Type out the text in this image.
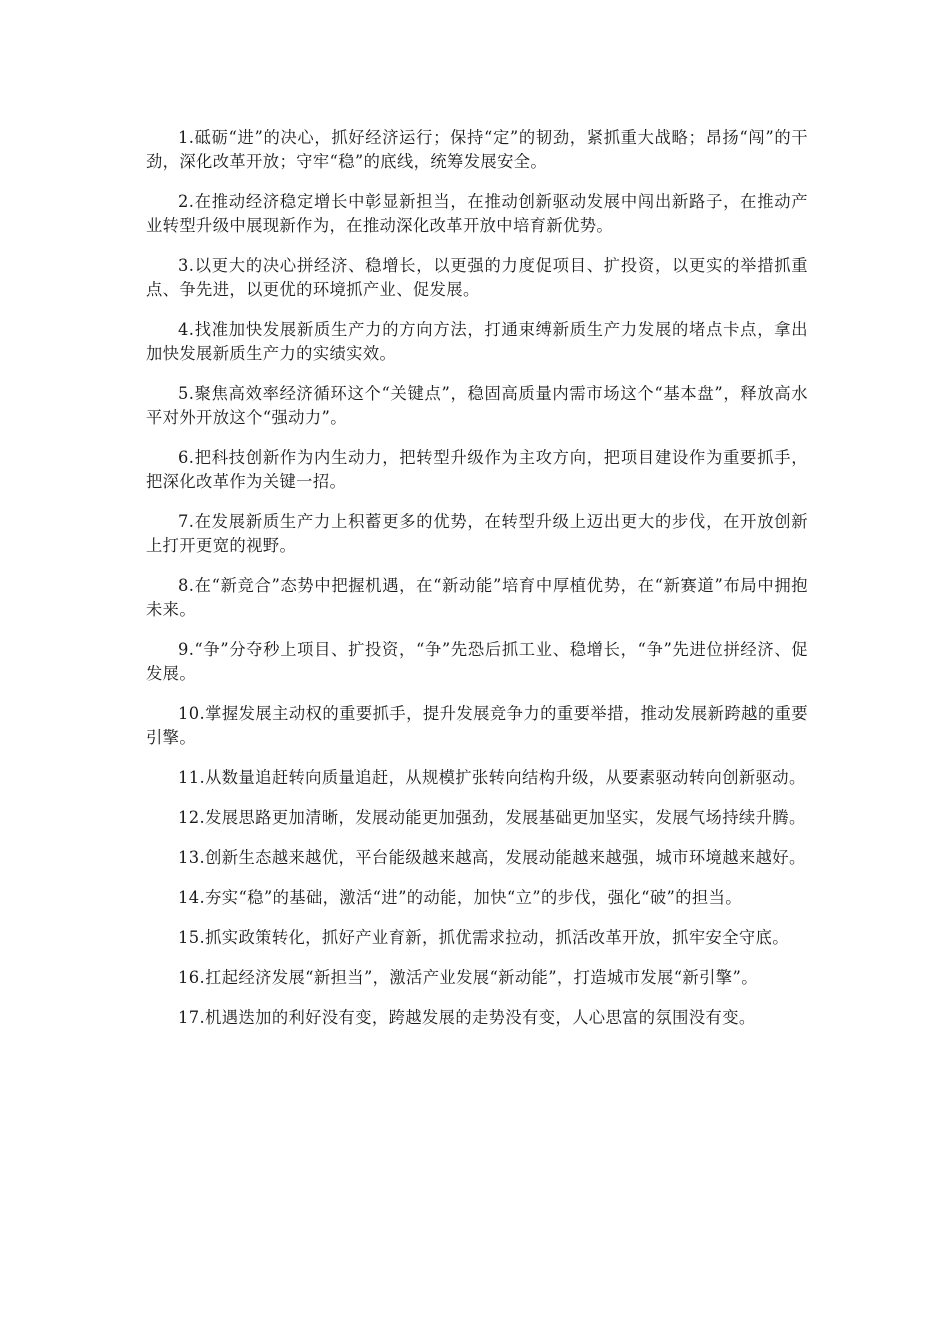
1.砥砺“进”的决心，抓好经济运行；保持“定”的韧劲，紧抓重大战略；昂扬“闯”的干劲，深化改革开放；守牢“稳”的底线，统筹发展安全。

2.在推动经济稳定增长中彰显新担当，在推动创新驱动发展中闯出新路子，在推动产业转型升级中展现新作为，在推动深化改革开放中培育新优势。

3.以更大的决心拼经济、稳增长，以更强的力度促项目、扩投资，以更实的举措抓重点、争先进，以更优的环境抓产业、促发展。

4.找准加快发展新质生产力的方向方法，打通束缚新质生产力发展的堵点卡点，拿出加快发展新质生产力的实绩实效。

5.聚焦高效率经济循环这个“关键点”，稳固高质量内需市场这个“基本盘”，释放高水平对外开放这个“强动力”。

6.把科技创新作为内生动力，把转型升级作为主攻方向，把项目建设作为重要抓手，把深化改革作为关键一招。

7.在发展新质生产力上积蓄更多的优势，在转型升级上迈出更大的步伐，在开放创新上打开更宽的视野。

8.在“新竞合”态势中把握机遇，在“新动能”培育中厚植优势，在“新赛道”布局中拥抱未来。

9.“争”分夺秒上项目、扩投资，“争”先恐后抓工业、稳增长，“争”先进位拼经济、促发展。

10.掌握发展主动权的重要抓手，提升发展竞争力的重要举措，推动发展新跨越的重要引擎。

11.从数量追赶转向质量追赶，从规模扩张转向结构升级，从要素驱动转向创新驱动。

12.发展思路更加清晰，发展动能更加强劲，发展基础更加坚实，发展气场持续升腾。

13.创新生态越来越优，平台能级越来越高，发展动能越来越强，城市环境越来越好。

14.夯实“稳”的基础，激活“进”的动能，加快“立”的步伐，强化“破”的担当。

15.抓实政策转化，抓好产业育新，抓优需求拉动，抓活改革开放，抓牢安全守底。

16.扛起经济发展“新担当”，激活产业发展“新动能”，打造城市发展“新引擎”。

17.机遇迭加的利好没有变，跨越发展的走势没有变，人心思富的氛围没有变。
